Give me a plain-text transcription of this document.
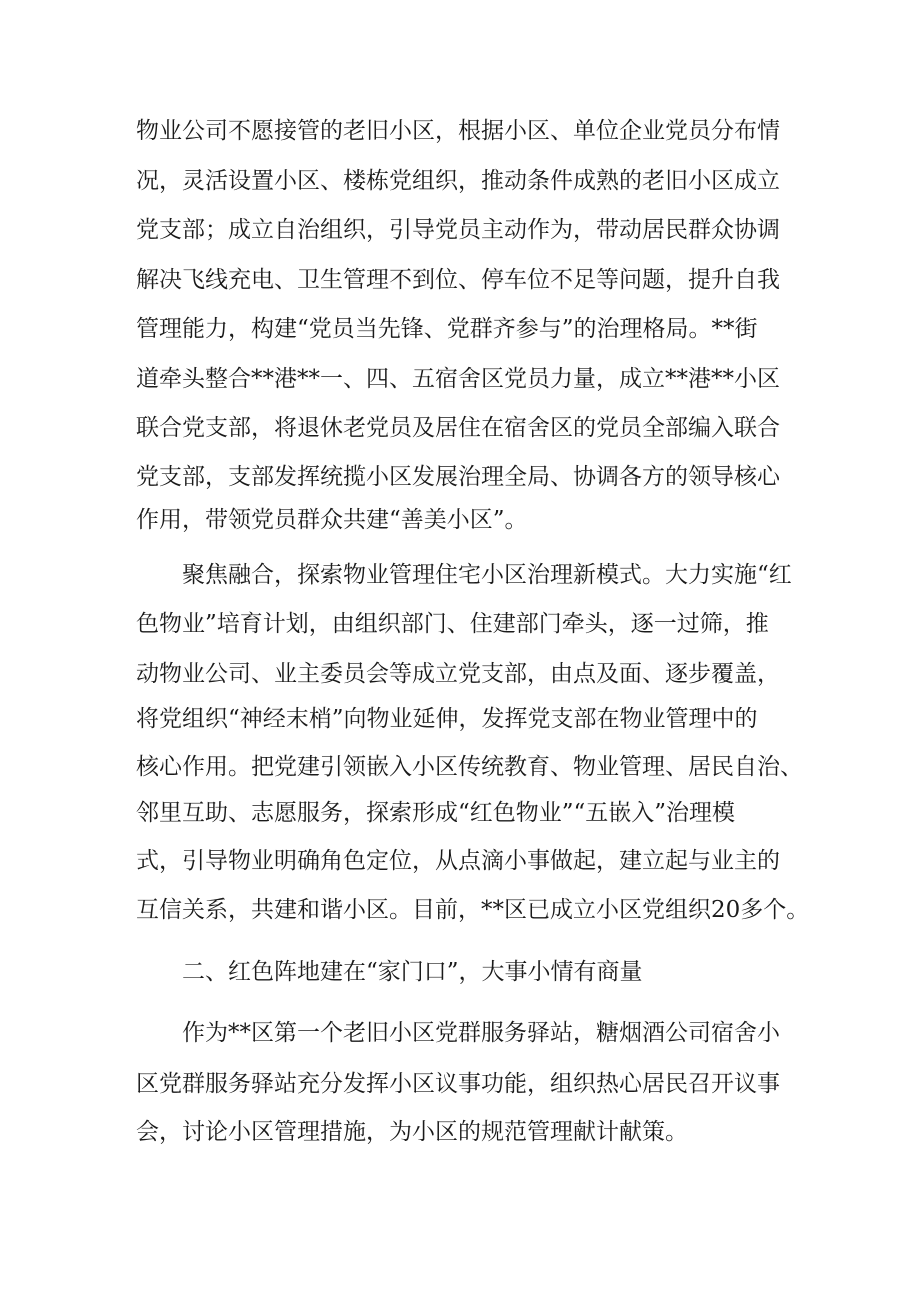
物业公司不愿接管的老旧小区，根据小区、单位企业党员分布情

况，灵活设置小区、楼栋党组织，推动条件成熟的老旧小区成立

党支部；成立自治组织，引导党员主动作为，带动居民群众协调

解决飞线充电、卫生管理不到位、停车位不足等问题，提升自我

管理能力，构建“党员当先锋、党群齐参与”的治理格局。**街

道牵头整合**港**一、四、五宿舍区党员力量，成立**港**小区

联合党支部，将退休老党员及居住在宿舍区的党员全部编入联合

党支部，支部发挥统揽小区发展治理全局、协调各方的领导核心

作用，带领党员群众共建“善美小区”。

聚焦融合，探索物业管理住宅小区治理新模式。大力实施“红

色物业”培育计划，由组织部门、住建部门牵头，逐一过筛，推

动物业公司、业主委员会等成立党支部，由点及面、逐步覆盖，

将党组织“神经末梢”向物业延伸，发挥党支部在物业管理中的

核心作用。把党建引领嵌入小区传统教育、物业管理、居民自治、

邻里互助、志愿服务，探索形成“红色物业”“五嵌入”治理模

式，引导物业明确角色定位，从点滴小事做起，建立起与业主的

互信关系，共建和谐小区。目前，**区已成立小区党组织20多个。

二、红色阵地建在“家门口”，大事小情有商量

作为**区第一个老旧小区党群服务驿站，糖烟酒公司宿舍小

区党群服务驿站充分发挥小区议事功能，组织热心居民召开议事

会，讨论小区管理措施，为小区的规范管理献计献策。
